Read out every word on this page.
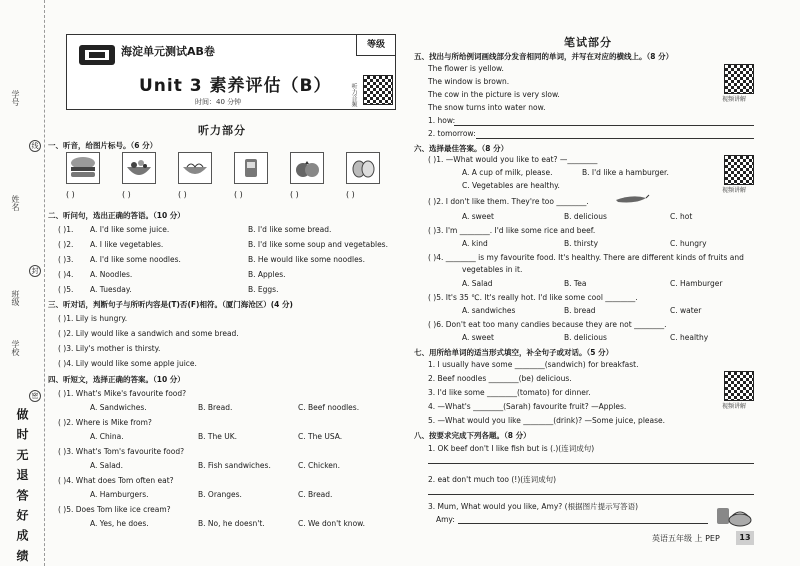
学号
线
姓名
封
班级
学校
密
做 时 无 退 答 好 成 绩
海淀单元测试AB卷	等级
Unit 3 素养评估（B）
时间：40 分钟	听力音频
听力部分
一、听音，给图片标号。（6 分）
( )	( )	( )	( )	( )	( )
二、听问句，选出正确的答语。（10 分）
( )1. A. I'd like some juice.	B. I'd like some bread.
( )2. A. I like vegetables.	B. I'd like some soup and vegetables.
( )3. A. I'd like some noodles.	B. He would like some noodles.
( )4. A. Noodles.	B. Apples.
( )5. A. Tuesday.	B. Eggs.
三、听对话，判断句子与所听内容是(T)否(F)相符。（厦门海沧区）(4 分)
( )1. Lily is hungry.
( )2. Lily would like a sandwich and some bread.
( )3. Lily's mother is thirsty.
( )4. Lily would like some apple juice.
四、听短文，选择正确的答案。（10 分）
( )1. What's Mike's favourite food?
A. Sandwiches.	B. Bread.	C. Beef noodles.
( )2. Where is Mike from?
A. China.	B. The UK.	C. The USA.
( )3. What's Tom's favourite food?
A. Salad.	B. Fish sandwiches.	C. Chicken.
( )4. What does Tom often eat?
A. Hamburgers.	B. Oranges.	C. Bread.
( )5. Does Tom like ice cream?
A. Yes, he does.	B. No, he doesn't.	C. We don't know.
笔试部分
五、找出与所给例词画线部分发音相同的单词，并写在对应的横线上。（8 分）
The flower is yellow.
The window is brown.
The cow in the picture is very slow.
The snow turns into water now.
视频讲解
1. how:
2. tomorrow:
六、选择最佳答案。（8 分）
视频讲解
( )1. —What would you like to eat? —________
A. A cup of milk, please.	B. I'd like a hamburger.
C. Vegetables are healthy.
( )2. I don't like them. They're too ________.
A. sweet	B. delicious	C. hot
( )3. I'm ________. I'd like some rice and beef.
A. kind	B. thirsty	C. hungry
( )4. ________ is my favourite food. It's healthy. There are different kinds of fruits and
vegetables in it.
A. Salad	B. Tea	C. Hamburger
( )5. It's 35 ℃. It's really hot. I'd like some cool ________.
A. sandwiches	B. bread	C. water
( )6. Don't eat too many candies because they are not ________.
A. sweet	B. delicious	C. healthy
七、用所给单词的适当形式填空，补全句子或对话。（5 分）
视频讲解
1. I usually have some ________(sandwich) for breakfast.
2. Beef noodles ________(be) delicious.
3. I'd like some ________(tomato) for dinner.
4. —What's ________(Sarah) favourite fruit? —Apples.
5. —What would you like ________(drink)? —Some juice, please.
八、按要求完成下列各题。（8 分）
1. OK beef don't I like fish but is (.)(连词成句)
2. eat don't much too (!)(连词成句)
3. Mum, What would you like, Amy? (根据图片提示写答语)
Amy:
英语五年级 上 PEP	13
